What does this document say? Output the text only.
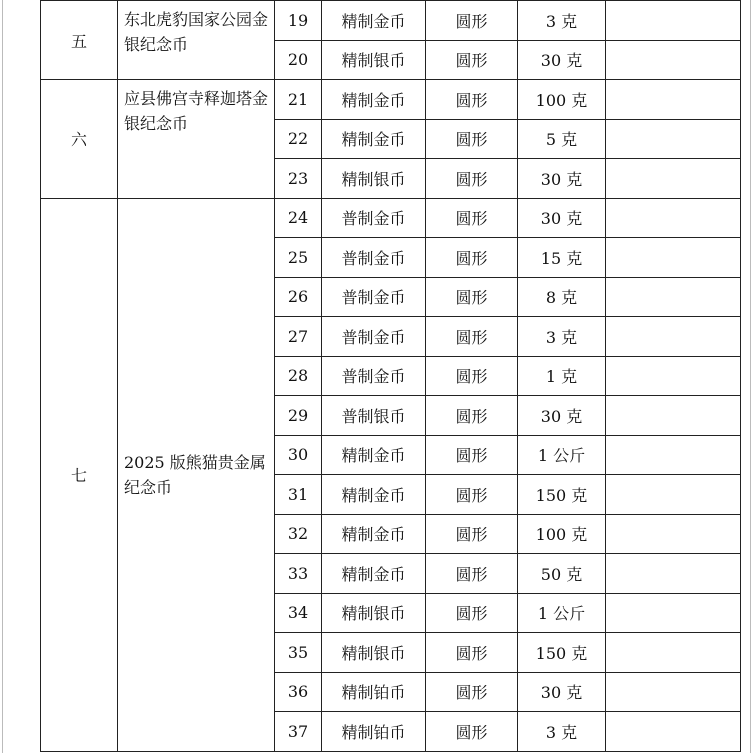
五	东北虎豹国家公园金银纪念币	19	精制金币	圆形	3 克	
		20	精制银币	圆形	30 克	
六	应县佛宫寺释迦塔金银纪念币	21	精制金币	圆形	100 克	
		22	精制金币	圆形	5 克	
		23	精制银币	圆形	30 克	
七	2025 版熊猫贵金属纪念币	24	普制金币	圆形	30 克	
		25	普制金币	圆形	15 克	
		26	普制金币	圆形	8 克	
		27	普制金币	圆形	3 克	
		28	普制金币	圆形	1 克	
		29	普制银币	圆形	30 克	
		30	精制金币	圆形	1 公斤	
		31	精制金币	圆形	150 克	
		32	精制金币	圆形	100 克	
		33	精制金币	圆形	50 克	
		34	精制银币	圆形	1 公斤	
		35	精制银币	圆形	150 克	
		36	精制铂币	圆形	30 克	
		37	精制铂币	圆形	3 克	
